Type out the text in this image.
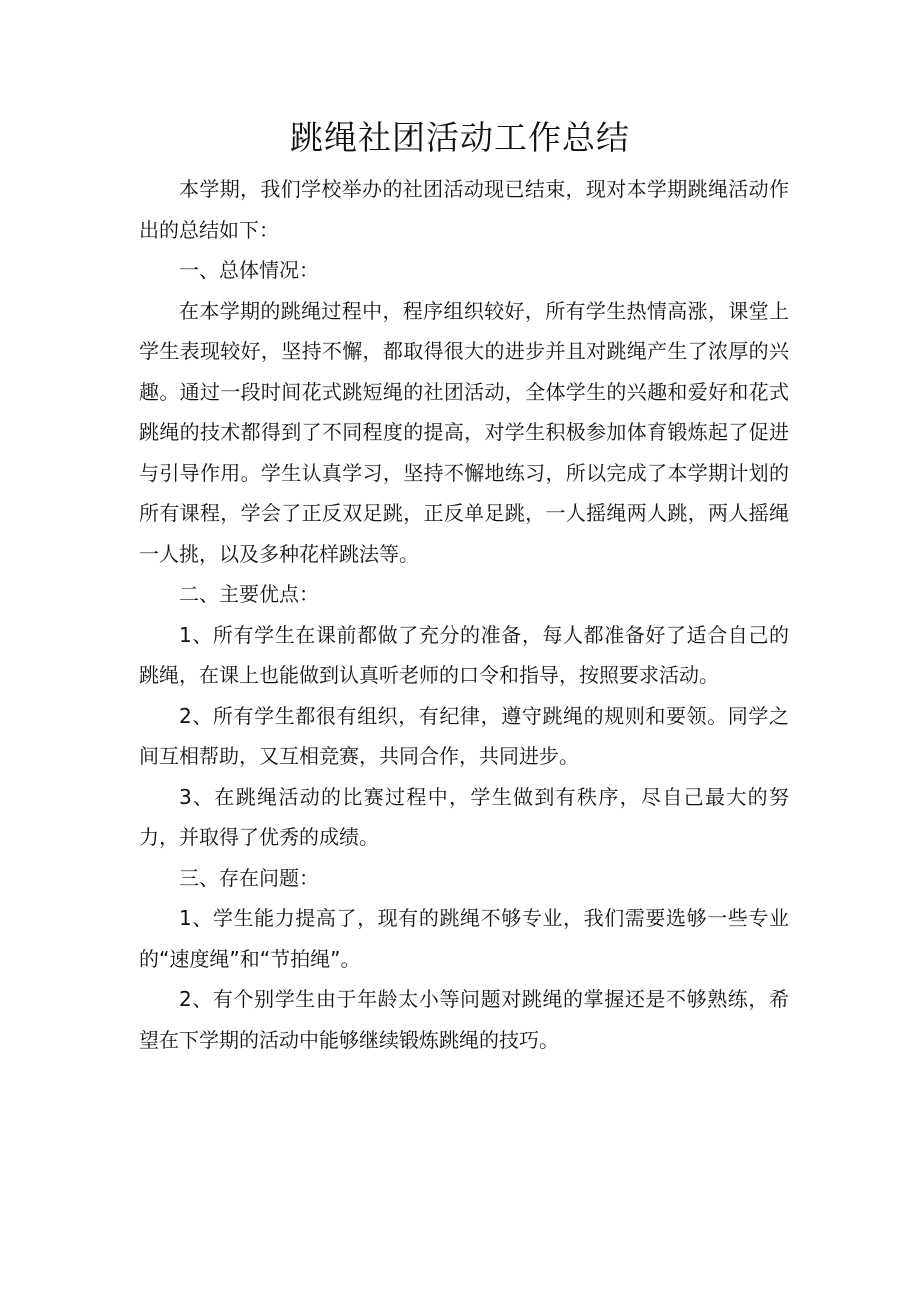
跳绳社团活动工作总结

本学期，我们学校举办的社团活动现已结束，现对本学期跳绳活动作出的总结如下：

一、总体情况：

在本学期的跳绳过程中，程序组织较好，所有学生热情高涨，课堂上学生表现较好，坚持不懈，都取得很大的进步并且对跳绳产生了浓厚的兴趣。通过一段时间花式跳短绳的社团活动，全体学生的兴趣和爱好和花式跳绳的技术都得到了不同程度的提高，对学生积极参加体育锻炼起了促进与引导作用。学生认真学习，坚持不懈地练习，所以完成了本学期计划的所有课程，学会了正反双足跳，正反单足跳，一人摇绳两人跳，两人摇绳一人挑，以及多种花样跳法等。

二、主要优点：

1、所有学生在课前都做了充分的准备，每人都准备好了适合自己的跳绳，在课上也能做到认真听老师的口令和指导，按照要求活动。

2、所有学生都很有组织，有纪律，遵守跳绳的规则和要领。同学之间互相帮助，又互相竞赛，共同合作，共同进步。

3、在跳绳活动的比赛过程中，学生做到有秩序，尽自己最大的努力，并取得了优秀的成绩。

三、存在问题：

1、学生能力提高了，现有的跳绳不够专业，我们需要选够一些专业的“速度绳”和“节拍绳”。

2、有个别学生由于年龄太小等问题对跳绳的掌握还是不够熟练，希望在下学期的活动中能够继续锻炼跳绳的技巧。
